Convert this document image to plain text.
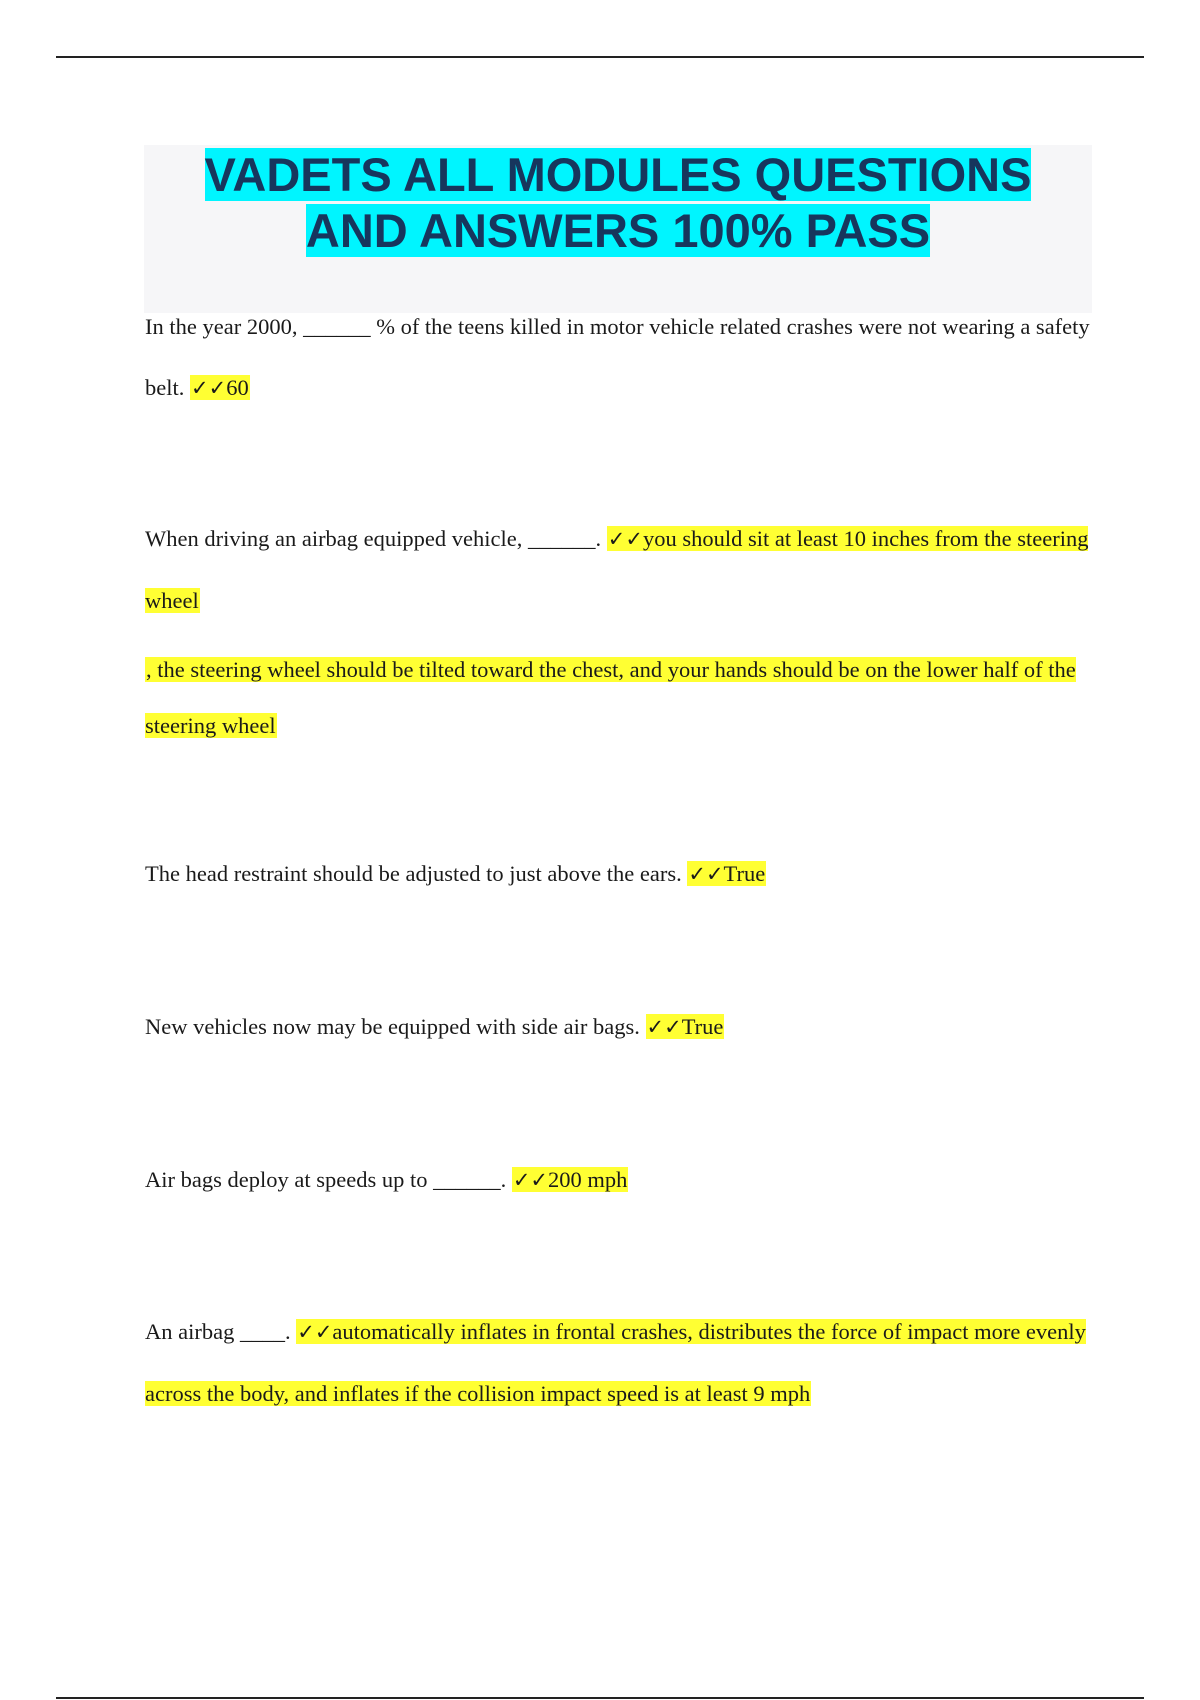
VADETS ALL MODULES QUESTIONS
AND ANSWERS 100% PASS

In the year 2000, ______ % of the teens killed in motor vehicle related crashes were not wearing a safety belt. ✓✓60

When driving an airbag equipped vehicle, ______. ✓✓you should sit at least 10 inches from the steering wheel

, the steering wheel should be tilted toward the chest, and your hands should be on the lower half of the steering wheel

The head restraint should be adjusted to just above the ears. ✓✓True

New vehicles now may be equipped with side air bags. ✓✓True

Air bags deploy at speeds up to ______. ✓✓200 mph

An airbag ____. ✓✓automatically inflates in frontal crashes, distributes the force of impact more evenly across the body, and inflates if the collision impact speed is at least 9 mph
